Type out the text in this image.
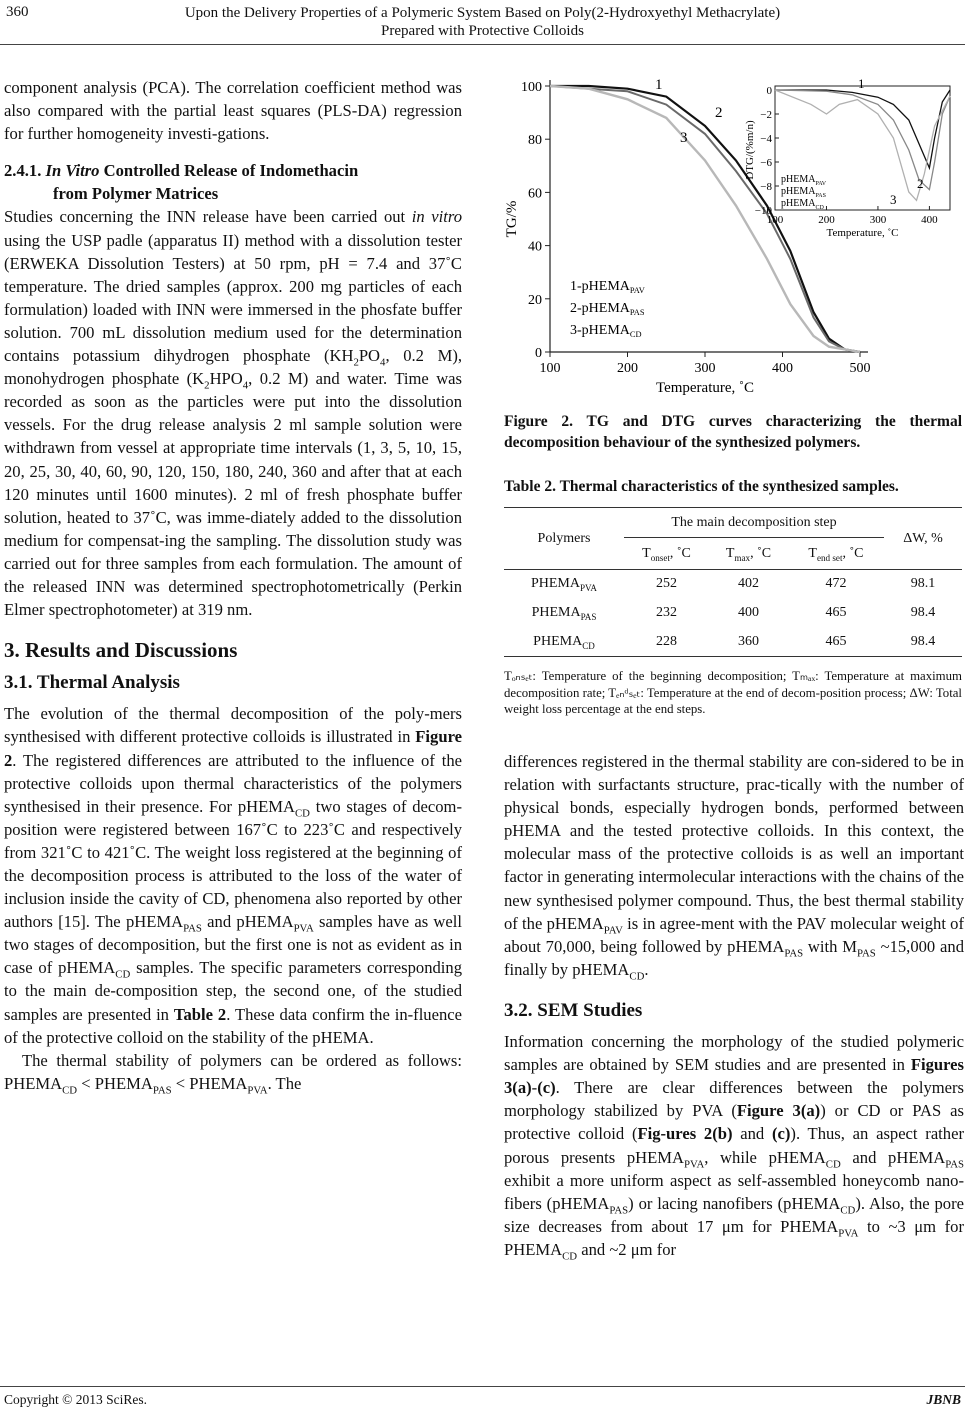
360	Upon the Delivery Properties of a Polymeric System Based on Poly(2-Hydroxyethyl Methacrylate)
Prepared with Protective Colloids

component analysis (PCA). The correlation coefficient method was also compared with the partial least squares (PLS-DA) regression for further homogeneity investi-gations.

2.4.1. In Vitro Controlled Release of Indomethacin
from Polymer Matrices

Studies concerning the INN release have been carried out in vitro using the USP padle (apparatus II) method with a dissolution tester (ERWEKA Dissolution Testers) at 50 rpm, pH = 7.4 and 37˚C temperature. The dried samples (approx. 200 mg particles of each formulation) loaded with INN were immersed in the phosfate buffer solution. 700 mL dissolution medium used for the determination contains potassium dihydrogen phosphate ($KH_2PO_4$, 0.2 M), monohydrogen phosphate ($K_2HPO_4$, 0.2 M) and water. Time was recorded as soon as the particles were put into the dissolution vessels. For the drug release analysis 2 ml sample solution were withdrawn from vessel at appropriate time intervals (1, 3, 5, 10, 15, 20, 25, 30, 40, 60, 90, 120, 150, 180, 240, 360 and after that at each 120 minutes until 1600 minutes). 2 ml of fresh phosphate buffer solution, heated to 37˚C, was imme-diately added to the dissolution medium for compensat-ing the sampling. The dissolution study was carried out for three samples from each formulation. The amount of the released INN was determined spectrophotometrically (Perkin Elmer spectrophotometer) at 319 nm.

3. Results and Discussions
3.1. Thermal Analysis

The evolution of the thermal decomposition of the poly-mers synthesised with different protective colloids is illustrated in Figure 2. The registered differences are attributed to the influence of the protective colloids upon thermal characteristics of the polymers synthesised in their presence. For pHEMA$_{CD}$ two stages of decom-position were registered between 167˚C to 223˚C and respectively from 321˚C to 421˚C. The weight loss registered at the beginning of the decomposition process is attributed to the loss of the water of inclusion inside the cavity of CD, phenomena also reported by other authors [15]. The pHEMA$_{PAS}$ and pHEMA$_{PVA}$ samples have as well two stages of decomposition, but the first one is not as evident as in case of pHEMA$_{CD}$ samples. The specific parameters corresponding to the main de-composition step, the second one, of the studied samples are presented in Table 2. These data confirm the in-fluence of the protective colloid on the stability of the pHEMA.

The thermal stability of polymers can be ordered as follows: $PHEMA_{CD}$ < $PHEMA_{PAS}$ < $PHEMA_{PVA}$. The

0
20
40
60
80
100
100	200	300	400	500
TG/%
Temperature, ˚C
1
2
3
1-pHEMA$_{PAV}$
2-pHEMA$_{PAS}$
3-pHEMA$_{CD}$
0
−2
−4
−6
−8
−10
100	200	300	400
DTG/(%m/n)
Temperature, ˚C
pHEMA$_{PAV}$
pHEMA$_{PAS}$
pHEMA$_{CD}$
1
2
3
Figure 2. TG and DTG curves characterizing the thermal decomposition behaviour of the synthesized polymers.
Table 2. Thermal characteristics of the synthesized samples.
Polymers	The main decomposition step			ΔW, %
	$T_{onset}$, ˚C	$T_{max}$, ˚C	$T_{end set}$, ˚C	
$PHEMA_{PVA}$	252	402	472	98.1
$PHEMA_{PAS}$	232	400	465	98.4
$PHEMA_{CD}$	228	360	465	98.4
Tₒₙₛₑₜ: Temperature of the beginning decomposition; Tₘₐₓ: Temperature at maximum decomposition rate; Tₑₙᵈₛₑₜ: Temperature at the end of decom-position process; ΔW: Total weight loss percentage at the end steps.

differences registered in the thermal stability are con-sidered to be in relation with surfactants structure, prac-tically with the number of physical bonds, especially hydrogen bonds, performed between pHEMA and the tested protective colloids. In this context, the molecular mass of the protective colloids is as well an important factor in generating intermolecular interactions with the chains of the new synthesised polymer compound. Thus, the best thermal stability of the pHEMA$_{PAV}$ is in agree-ment with the PAV molecular weight of about 70,000, being followed by pHEMA$_{PAS}$ with $M_{PAS}$ ~15,000 and finally by pHEMA$_{CD}$.

3.2. SEM Studies

Information concerning the morphology of the studied polymeric samples are obtained by SEM studies and are presented in Figures 3(a)-(c). There are clear differences between the polymers morphology stabilized by PVA (Figure 3(a)) or CD or PAS as protective colloid (Fig-ures 2(b) and (c)). Thus, an aspect rather porous presents pHEMA$_{PVA}$, while pHEMA$_{CD}$ and pHEMA$_{PAS}$ exhibit a more uniform aspect as self-assembled honeycomb nano-fibers (pHEMA$_{PAS}$) or lacing nanofibers (pHEMA$_{CD}$). Also, the pore size decreases from about 17 μm for $PHEMA_{PVA}$ to ~3 μm for $PHEMA_{CD}$ and ~2 μm for

Copyright © 2013 SciRes.	JBNB
